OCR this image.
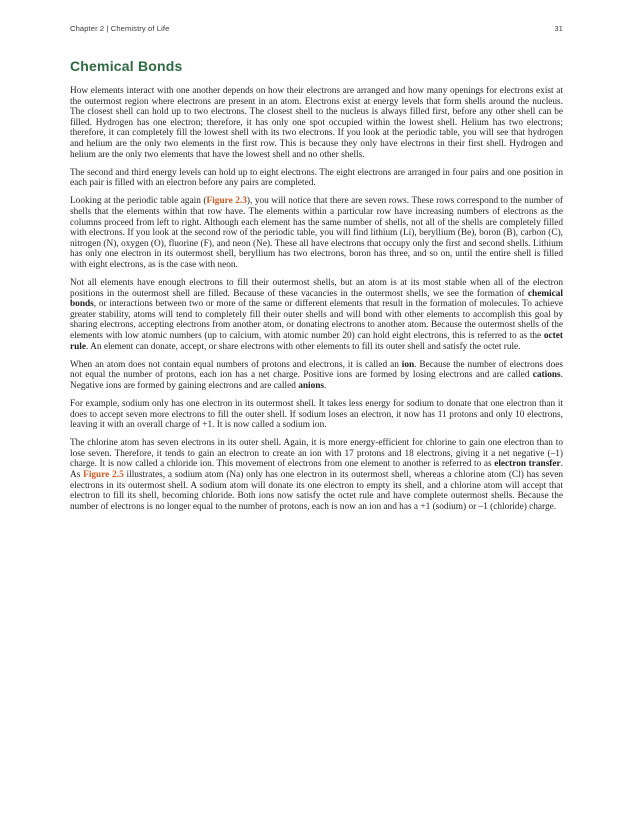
Chapter 2 | Chemistry of Life	31
Chemical Bonds

How elements interact with one another depends on how their electrons are arranged and how many openings for electrons exist at the outermost region where electrons are present in an atom. Electrons exist at energy levels that form shells around the nucleus. The closest shell can hold up to two electrons. The closest shell to the nucleus is always filled first, before any other shell can be filled. Hydrogen has one electron; therefore, it has only one spot occupied within the lowest shell. Helium has two electrons; therefore, it can completely fill the lowest shell with its two electrons. If you look at the periodic table, you will see that hydrogen and helium are the only two elements in the first row. This is because they only have electrons in their first shell. Hydrogen and helium are the only two elements that have the lowest shell and no other shells.

The second and third energy levels can hold up to eight electrons. The eight electrons are arranged in four pairs and one position in each pair is filled with an electron before any pairs are completed.

Looking at the periodic table again (Figure 2.3), you will notice that there are seven rows. These rows correspond to the number of shells that the elements within that row have. The elements within a particular row have increasing numbers of electrons as the columns proceed from left to right. Although each element has the same number of shells, not all of the shells are completely filled with electrons. If you look at the second row of the periodic table, you will find lithium (Li), beryllium (Be), boron (B), carbon (C), nitrogen (N), oxygen (O), fluorine (F), and neon (Ne). These all have electrons that occupy only the first and second shells. Lithium has only one electron in its outermost shell, beryllium has two electrons, boron has three, and so on, until the entire shell is filled with eight electrons, as is the case with neon.

Not all elements have enough electrons to fill their outermost shells, but an atom is at its most stable when all of the electron positions in the outermost shell are filled. Because of these vacancies in the outermost shells, we see the formation of chemical bonds, or interactions between two or more of the same or different elements that result in the formation of molecules. To achieve greater stability, atoms will tend to completely fill their outer shells and will bond with other elements to accomplish this goal by sharing electrons, accepting electrons from another atom, or donating electrons to another atom. Because the outermost shells of the elements with low atomic numbers (up to calcium, with atomic number 20) can hold eight electrons, this is referred to as the octet rule. An element can donate, accept, or share electrons with other elements to fill its outer shell and satisfy the octet rule.

When an atom does not contain equal numbers of protons and electrons, it is called an ion. Because the number of electrons does not equal the number of protons, each ion has a net charge. Positive ions are formed by losing electrons and are called cations. Negative ions are formed by gaining electrons and are called anions.

For example, sodium only has one electron in its outermost shell. It takes less energy for sodium to donate that one electron than it does to accept seven more electrons to fill the outer shell. If sodium loses an electron, it now has 11 protons and only 10 electrons, leaving it with an overall charge of +1. It is now called a sodium ion.

The chlorine atom has seven electrons in its outer shell. Again, it is more energy-efficient for chlorine to gain one electron than to lose seven. Therefore, it tends to gain an electron to create an ion with 17 protons and 18 electrons, giving it a net negative (–1) charge. It is now called a chloride ion. This movement of electrons from one element to another is referred to as electron transfer. As Figure 2.5 illustrates, a sodium atom (Na) only has one electron in its outermost shell, whereas a chlorine atom (Cl) has seven electrons in its outermost shell. A sodium atom will donate its one electron to empty its shell, and a chlorine atom will accept that electron to fill its shell, becoming chloride. Both ions now satisfy the octet rule and have complete outermost shells. Because the number of electrons is no longer equal to the number of protons, each is now an ion and has a +1 (sodium) or –1 (chloride) charge.
